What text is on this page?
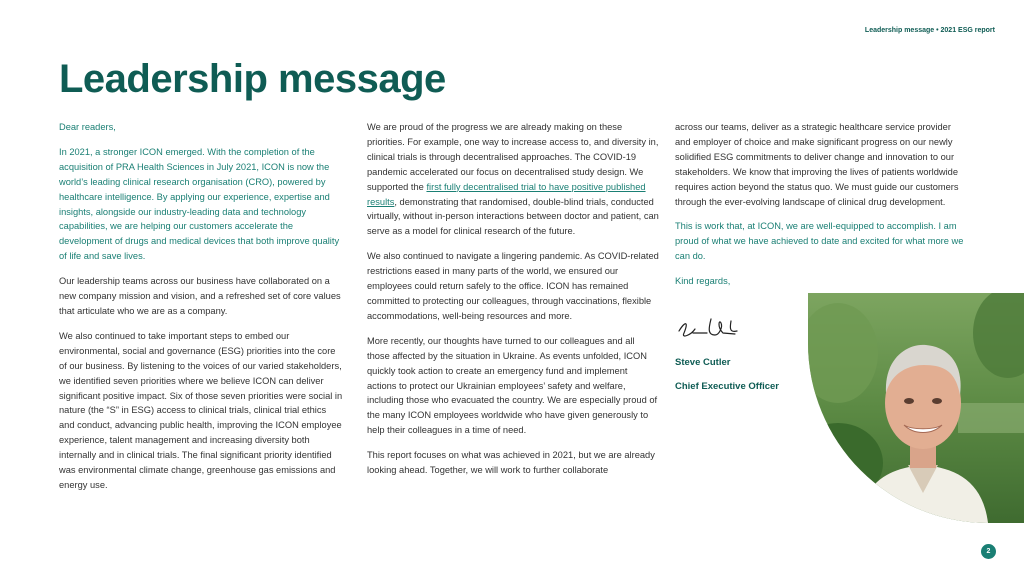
Leadership message • 2021 ESG report
Leadership message

Dear readers,

In 2021, a stronger ICON emerged. With the completion of the acquisition of PRA Health Sciences in July 2021, ICON is now the world’s leading clinical research organisation (CRO), powered by healthcare intelligence. By applying our experience, expertise and insights, alongside our industry-leading data and technology capabilities, we are helping our customers accelerate the development of drugs and medical devices that both improve quality of life and save lives.

Our leadership teams across our business have collaborated on a new company mission and vision, and a refreshed set of core values that articulate who we are as a company.

We also continued to take important steps to embed our environmental, social and governance (ESG) priorities into the core of our business. By listening to the voices of our varied stakeholders, we identified seven priorities where we believe ICON can deliver significant positive impact. Six of those seven priorities were social in nature (the “S” in ESG) access to clinical trials, clinical trial ethics and conduct, advancing public health, improving the ICON employee experience, talent management and increasing diversity both internally and in clinical trials. The final significant priority identified was environmental climate change, greenhouse gas emissions and energy use.

We are proud of the progress we are already making on these priorities. For example, one way to increase access to, and diversity in, clinical trials is through decentralised approaches. The COVID-19 pandemic accelerated our focus on decentralised study design. We supported the first fully decentralised trial to have positive published results, demonstrating that randomised, double-blind trials, conducted virtually, without in-person interactions between doctor and patient, can serve as a model for clinical research of the future.

We also continued to navigate a lingering pandemic. As COVID-related restrictions eased in many parts of the world, we ensured our employees could return safely to the office. ICON has remained committed to protecting our colleagues, through vaccinations, flexible accommodations, well-being resources and more.

More recently, our thoughts have turned to our colleagues and all those affected by the situation in Ukraine. As events unfolded, ICON quickly took action to create an emergency fund and implement actions to protect our Ukrainian employees’ safety and welfare, including those who evacuated the country. We are especially proud of the many ICON employees worldwide who have given generously to help their colleagues in a time of need.

This report focuses on what was achieved in 2021, but we are already looking ahead. Together, we will work to further collaborate

across our teams, deliver as a strategic healthcare service provider and employer of choice and make significant progress on our newly solidified ESG commitments to deliver change and innovation to our stakeholders. We know that improving the lives of patients worldwide requires action beyond the status quo. We must guide our customers through the ever-evolving landscape of clinical drug development.

This is work that, at ICON, we are well-equipped to accomplish. I am proud of what we have achieved to date and excited for what more we can do.

Kind regards,

Steve Cutler

Chief Executive Officer

2
